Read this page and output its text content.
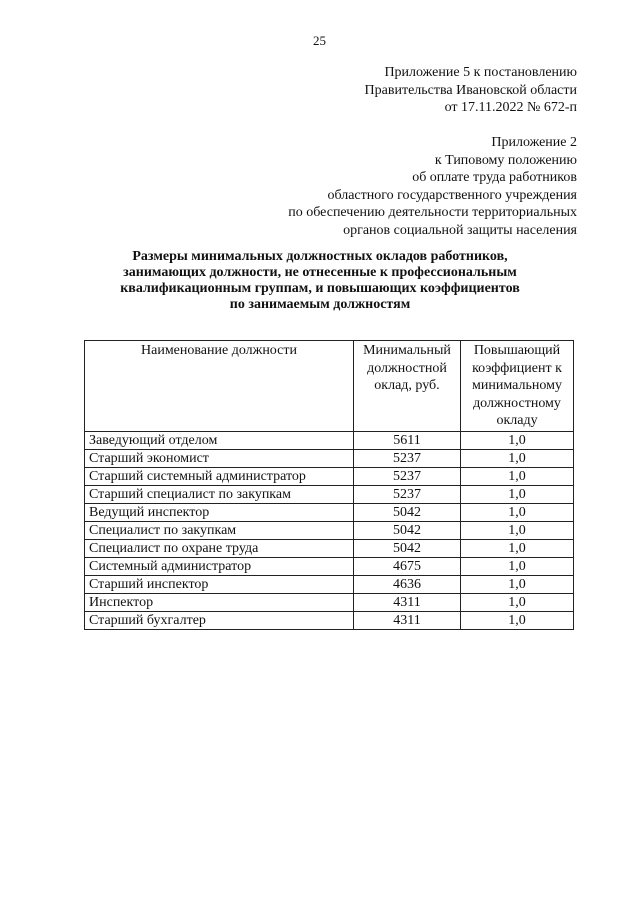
25
Приложение 5 к постановлению
Правительства Ивановской области
от 17.11.2022 № 672-п
Приложение 2
к Типовому положению
об оплате труда работников
областного государственного учреждения
по обеспечению деятельности территориальных
органов социальной защиты населения
Размеры минимальных должностных окладов работников,
занимающих должности, не отнесенные к профессиональным
квалификационным группам, и повышающих коэффициентов
по занимаемым должностям
Наименование должности	Минимальный должностной оклад, руб.	Повышающий коэффициент к минимальному должностному окладу
Заведующий отделом	5611	1,0
Старший экономист	5237	1,0
Старший системный администратор	5237	1,0
Старший специалист по закупкам	5237	1,0
Ведущий инспектор	5042	1,0
Специалист по закупкам	5042	1,0
Специалист по охране труда	5042	1,0
Системный администратор	4675	1,0
Старший инспектор	4636	1,0
Инспектор	4311	1,0
Старший бухгалтер	4311	1,0
